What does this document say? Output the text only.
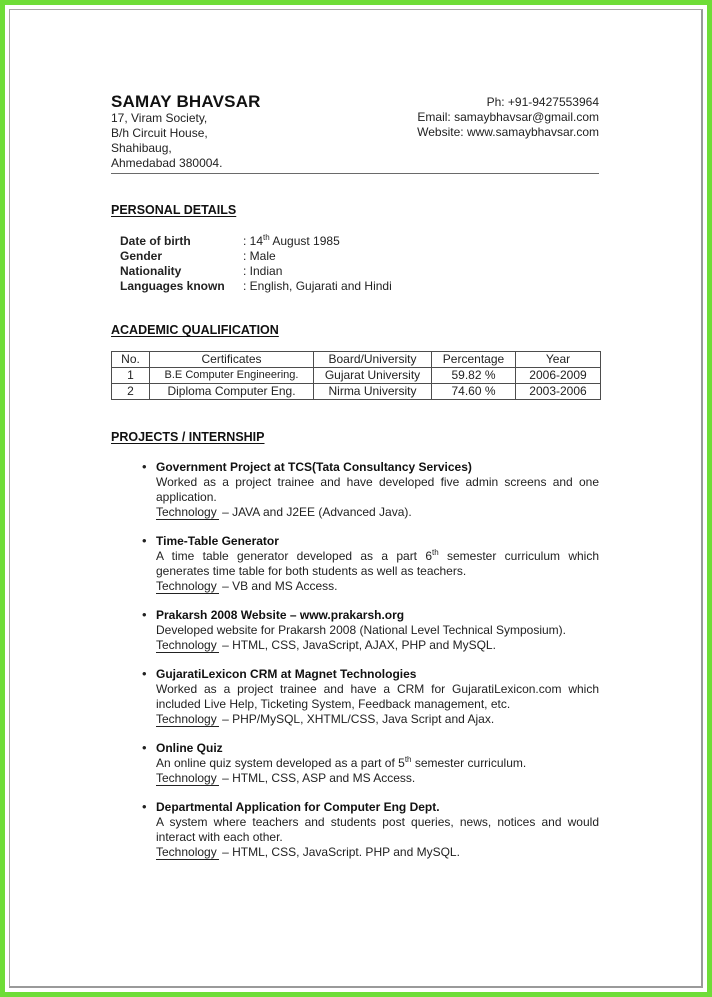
SAMAY BHAVSAR
17, Viram Society,
B/h Circuit House,
Shahibaug,
Ahmedabad 380004.
Ph: +91-9427553964
Email: samaybhavsar@gmail.com
Website: www.samaybhavsar.com
PERSONAL DETAILS
Date of birth	: 14th August 1985
Gender	: Male
Nationality	: Indian
Languages known	: English, Gujarati and Hindi
ACADEMIC QUALIFICATION
No.	Certificates	Board/University	Percentage	Year
1	B.E Computer Engineering.	Gujarat University	59.82 %	2006-2009
2	Diploma Computer Eng.	Nirma University	74.60 %	2003-2006
PROJECTS / INTERNSHIP
• Government Project at TCS(Tata Consultancy Services)

Worked as a project trainee and have developed five admin screens and one application.

Technology – JAVA and J2EE (Advanced Java).
• Time-Table Generator

A time table generator developed as a part 6th semester curriculum which generates time table for both students as well as teachers.

Technology – VB and MS Access.
• Prakarsh 2008 Website – www.prakarsh.org

Developed website for Prakarsh 2008 (National Level Technical Symposium).

Technology – HTML, CSS, JavaScript, AJAX, PHP and MySQL.
• GujaratiLexicon CRM at Magnet Technologies

Worked as a project trainee and have a CRM for GujaratiLexicon.com which included Live Help, Ticketing System, Feedback management, etc.

Technology – PHP/MySQL, XHTML/CSS, Java Script and Ajax.
• Online Quiz

An online quiz system developed as a part of 5th semester curriculum.

Technology – HTML, CSS, ASP and MS Access.
• Departmental Application for Computer Eng Dept.

A system where teachers and students post queries, news, notices and would interact with each other.

Technology – HTML, CSS, JavaScript. PHP and MySQL.
